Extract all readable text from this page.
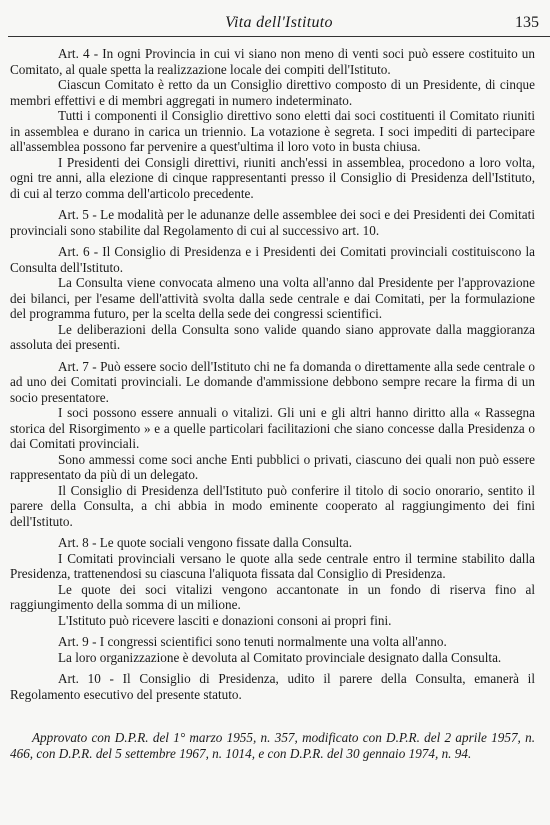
Vita dell'Istituto	135

Art. 4 - In ogni Provincia in cui vi siano non meno di venti soci può essere costituito un Comitato, al quale spetta la realizzazione locale dei compiti dell'Istituto.

Ciascun Comitato è retto da un Consiglio direttivo composto di un Presidente, di cinque membri effettivi e di membri aggregati in numero indeterminato.

Tutti i componenti il Consiglio direttivo sono eletti dai soci costituenti il Comitato riuniti in assemblea e durano in carica un triennio. La votazione è segreta. I soci impediti di partecipare all'assemblea possono far pervenire a quest'ultima il loro voto in busta chiusa.

I Presidenti dei Consigli direttivi, riuniti anch'essi in assemblea, procedono a loro volta, ogni tre anni, alla elezione di cinque rappresentanti presso il Consiglio di Presidenza dell'Istituto, di cui al terzo comma dell'articolo precedente.

Art. 5 - Le modalità per le adunanze delle assemblee dei soci e dei Presidenti dei Comitati provinciali sono stabilite dal Regolamento di cui al successivo art. 10.

Art. 6 - Il Consiglio di Presidenza e i Presidenti dei Comitati provinciali costituiscono la Consulta dell'Istituto.

La Consulta viene convocata almeno una volta all'anno dal Presidente per l'approvazione dei bilanci, per l'esame dell'attività svolta dalla sede centrale e dai Comitati, per la formulazione del programma futuro, per la scelta della sede dei congressi scientifici.

Le deliberazioni della Consulta sono valide quando siano approvate dalla maggioranza assoluta dei presenti.

Art. 7 - Può essere socio dell'Istituto chi ne fa domanda o direttamente alla sede centrale o ad uno dei Comitati provinciali. Le domande d'ammissione debbono sempre recare la firma di un socio presentatore.

I soci possono essere annuali o vitalizi. Gli uni e gli altri hanno diritto alla « Rassegna storica del Risorgimento » e a quelle particolari facilitazioni che siano concesse dalla Presidenza o dai Comitati provinciali.

Sono ammessi come soci anche Enti pubblici o privati, ciascuno dei quali non può essere rappresentato da più di un delegato.

Il Consiglio di Presidenza dell'Istituto può conferire il titolo di socio onorario, sentito il parere della Consulta, a chi abbia in modo eminente cooperato al raggiungimento dei fini dell'Istituto.

Art. 8 - Le quote sociali vengono fissate dalla Consulta.

I Comitati provinciali versano le quote alla sede centrale entro il termine stabilito dalla Presidenza, trattenendosi su ciascuna l'aliquota fissata dal Consiglio di Presidenza.

Le quote dei soci vitalizi vengono accantonate in un fondo di riserva fino al raggiungimento della somma di un milione.

L'Istituto può ricevere lasciti e donazioni consoni ai propri fini.

Art. 9 - I congressi scientifici sono tenuti normalmente una volta all'anno.

La loro organizzazione è devoluta al Comitato provinciale designato dalla Consulta.

Art. 10 - Il Consiglio di Presidenza, udito il parere della Consulta, emanerà il Regolamento esecutivo del presente statuto.

Approvato con D.P.R. del 1° marzo 1955, n. 357, modificato con D.P.R. del 2 aprile 1957, n. 466, con D.P.R. del 5 settembre 1967, n. 1014, e con D.P.R. del 30 gennaio 1974, n. 94.
